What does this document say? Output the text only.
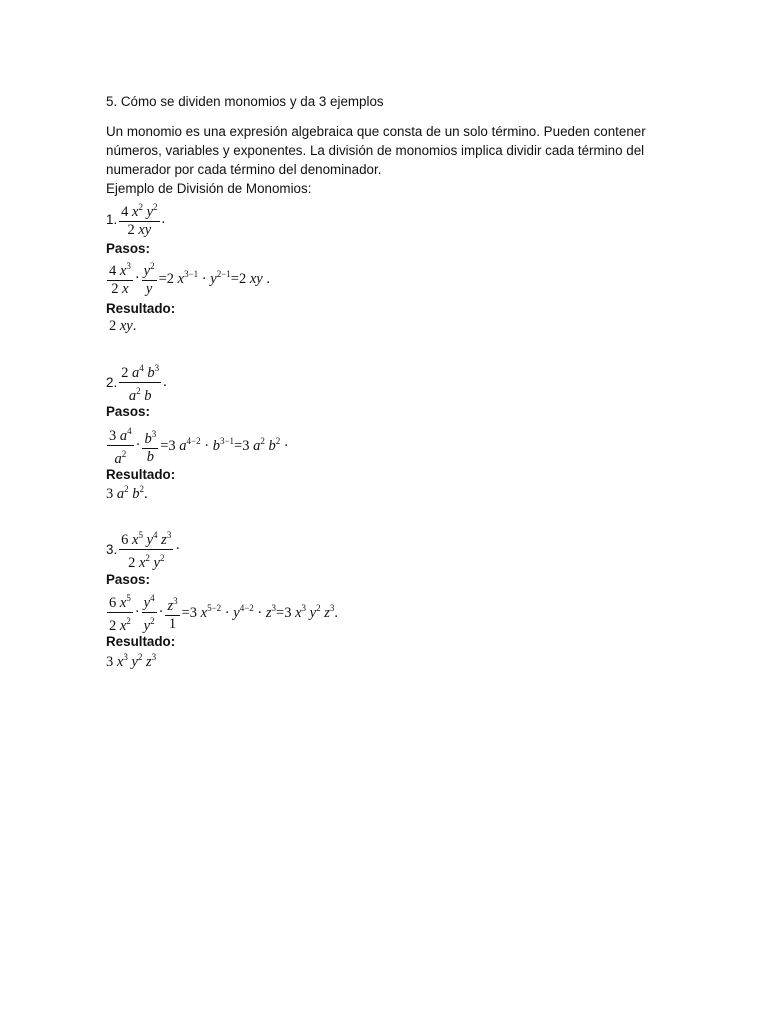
5. Cómo se dividen monomios y da 3 ejemplos

Un monomio es una expresión algebraica que consta de un solo término. Pueden contener

números, variables y exponentes. La división de monomios implica dividir cada término del

numerador por cada término del denominador.

Ejemplo de División de Monomios:

1. 4 $x^2$ $y^2$
2 xy
.

Pasos:

4 $x^3$
2 x
· $\frac{y^2}{y} =2$ $x^{3-1} \cdot y^{2-1}=2$ xy .

Resultado:

2 xy.
2.
2 $a^4$ $b^3$
$a^2$ b
.

Pasos:

3 $a^4$
$a^2$
· $\frac{b^3}{b} =3$ $a^{4-2} \cdot b^{3-1}=3$ $a^2$ $b^2$ ·

Resultado:

3 $a^2$ $b^2$.
3.
6 $x^5$ $y^4$ $z^3$
2 $x^2$ $y^2$
·

Pasos:

6 $x^5$
2 $x^2$
·
$y^4$
$y^2$
· $\frac{z^3}{1} =3$ $x^{5-2} \cdot y^{4-2} \cdot z^3=3$ $x^3$ $y^2$ $z^3$.

Resultado:

3 $x^3$ $y^2$ $z^3$
